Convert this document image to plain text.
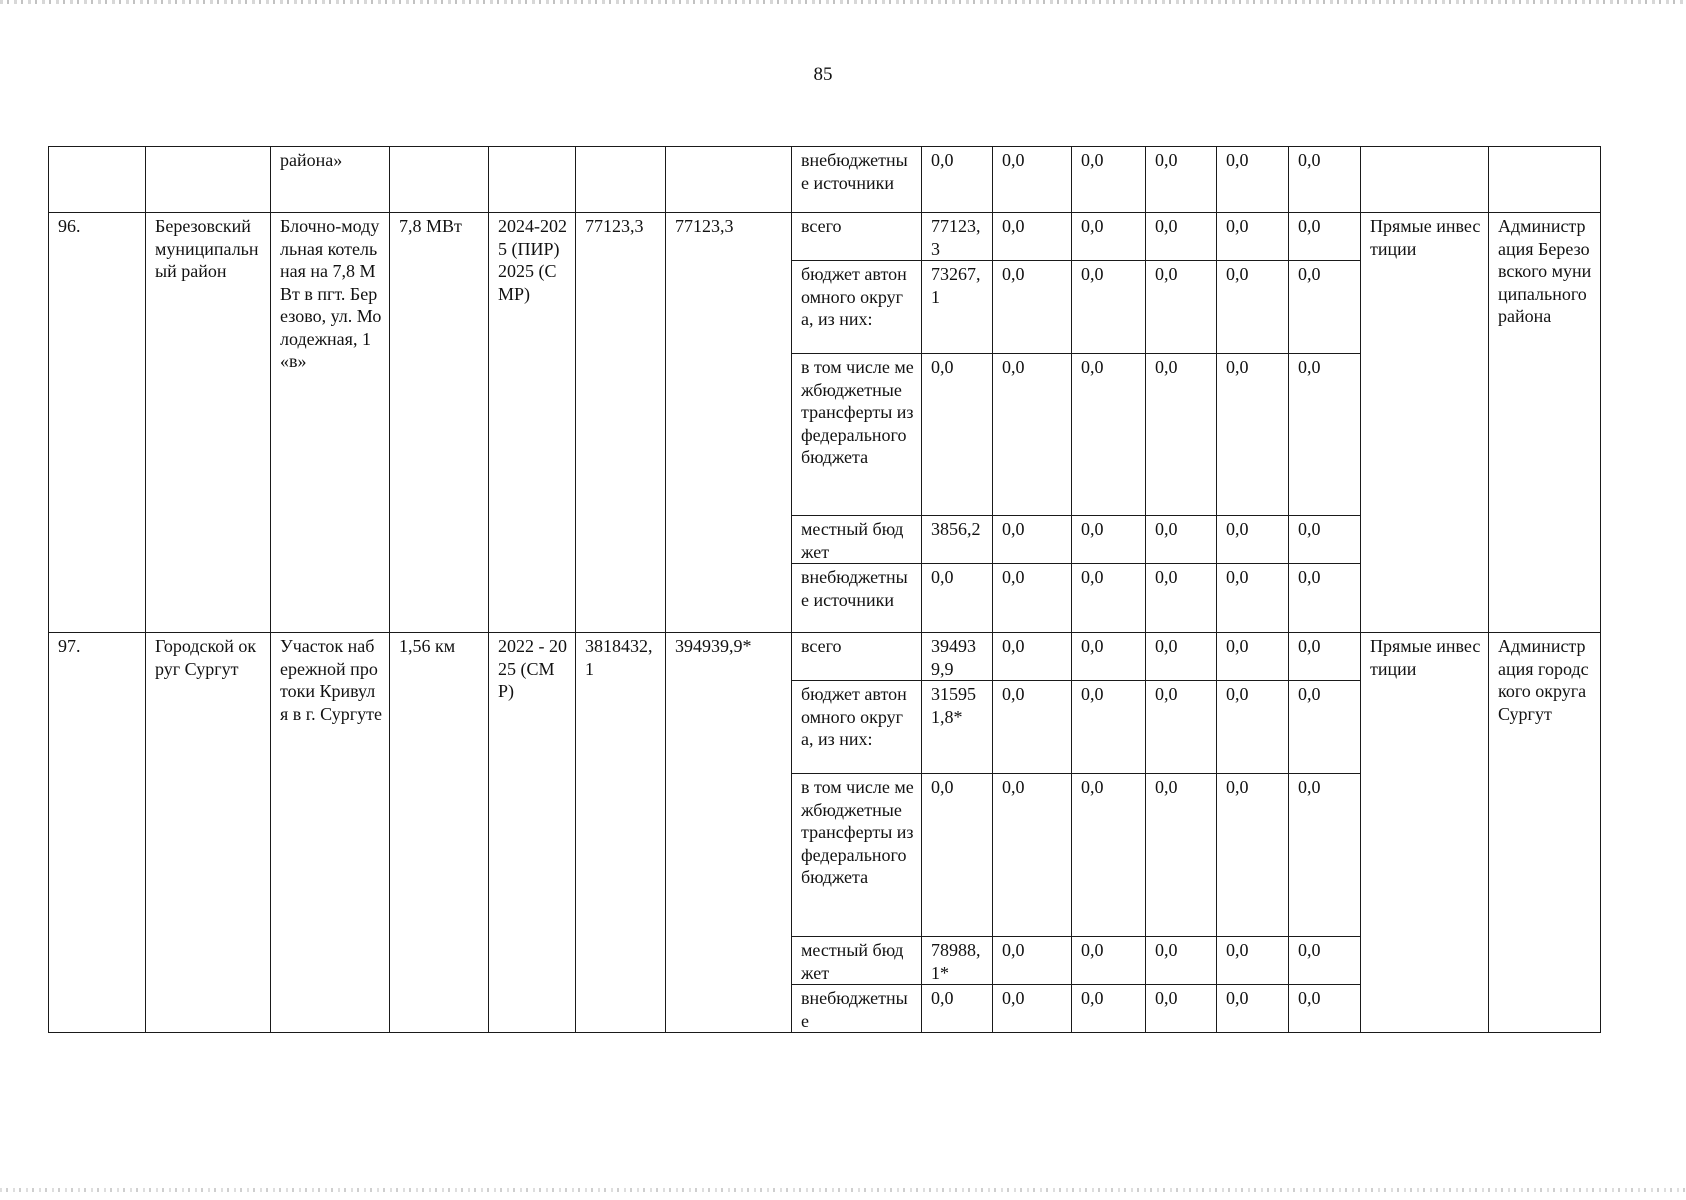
85
		района»					внебюджетные источники	0,0	0,0	0,0	0,0	0,0	0,0		
96.	Березовский муниципальный район	Блочно-модульная котельная на 7,8 МВт в пгт. Березово, ул. Молодежная, 1 «в»	7,8 МВт	2024-2025 (ПИР) 2025 (СМР)	77123,3	77123,3	всего	77123,3	0,0	0,0	0,0	0,0	0,0	Прямые инвестиции	Администрация Березовского муниципального района
							бюджет автономного округа, из них:	73267,1	0,0	0,0	0,0	0,0	0,0		
							в том числе межбюджетные трансферты из федерального бюджета	0,0	0,0	0,0	0,0	0,0	0,0		
							местный бюджет	3856,2	0,0	0,0	0,0	0,0	0,0		
							внебюджетные источники	0,0	0,0	0,0	0,0	0,0	0,0		
97.	Городской округ Сургут	Участок набережной протоки Кривуля в г. Сургуте	1,56 км	2022 - 2025 (СМР)	3818432,1	394939,9*	всего	394939,9	0,0	0,0	0,0	0,0	0,0	Прямые инвестиции	Администрация городского округа Сургут
							бюджет автономного округа, из них:	315951,8*	0,0	0,0	0,0	0,0	0,0		
							в том числе межбюджетные трансферты из федерального бюджета	0,0	0,0	0,0	0,0	0,0	0,0		
							местный бюджет	78988,1*	0,0	0,0	0,0	0,0	0,0		
							внебюджетные	0,0	0,0	0,0	0,0	0,0	0,0		
